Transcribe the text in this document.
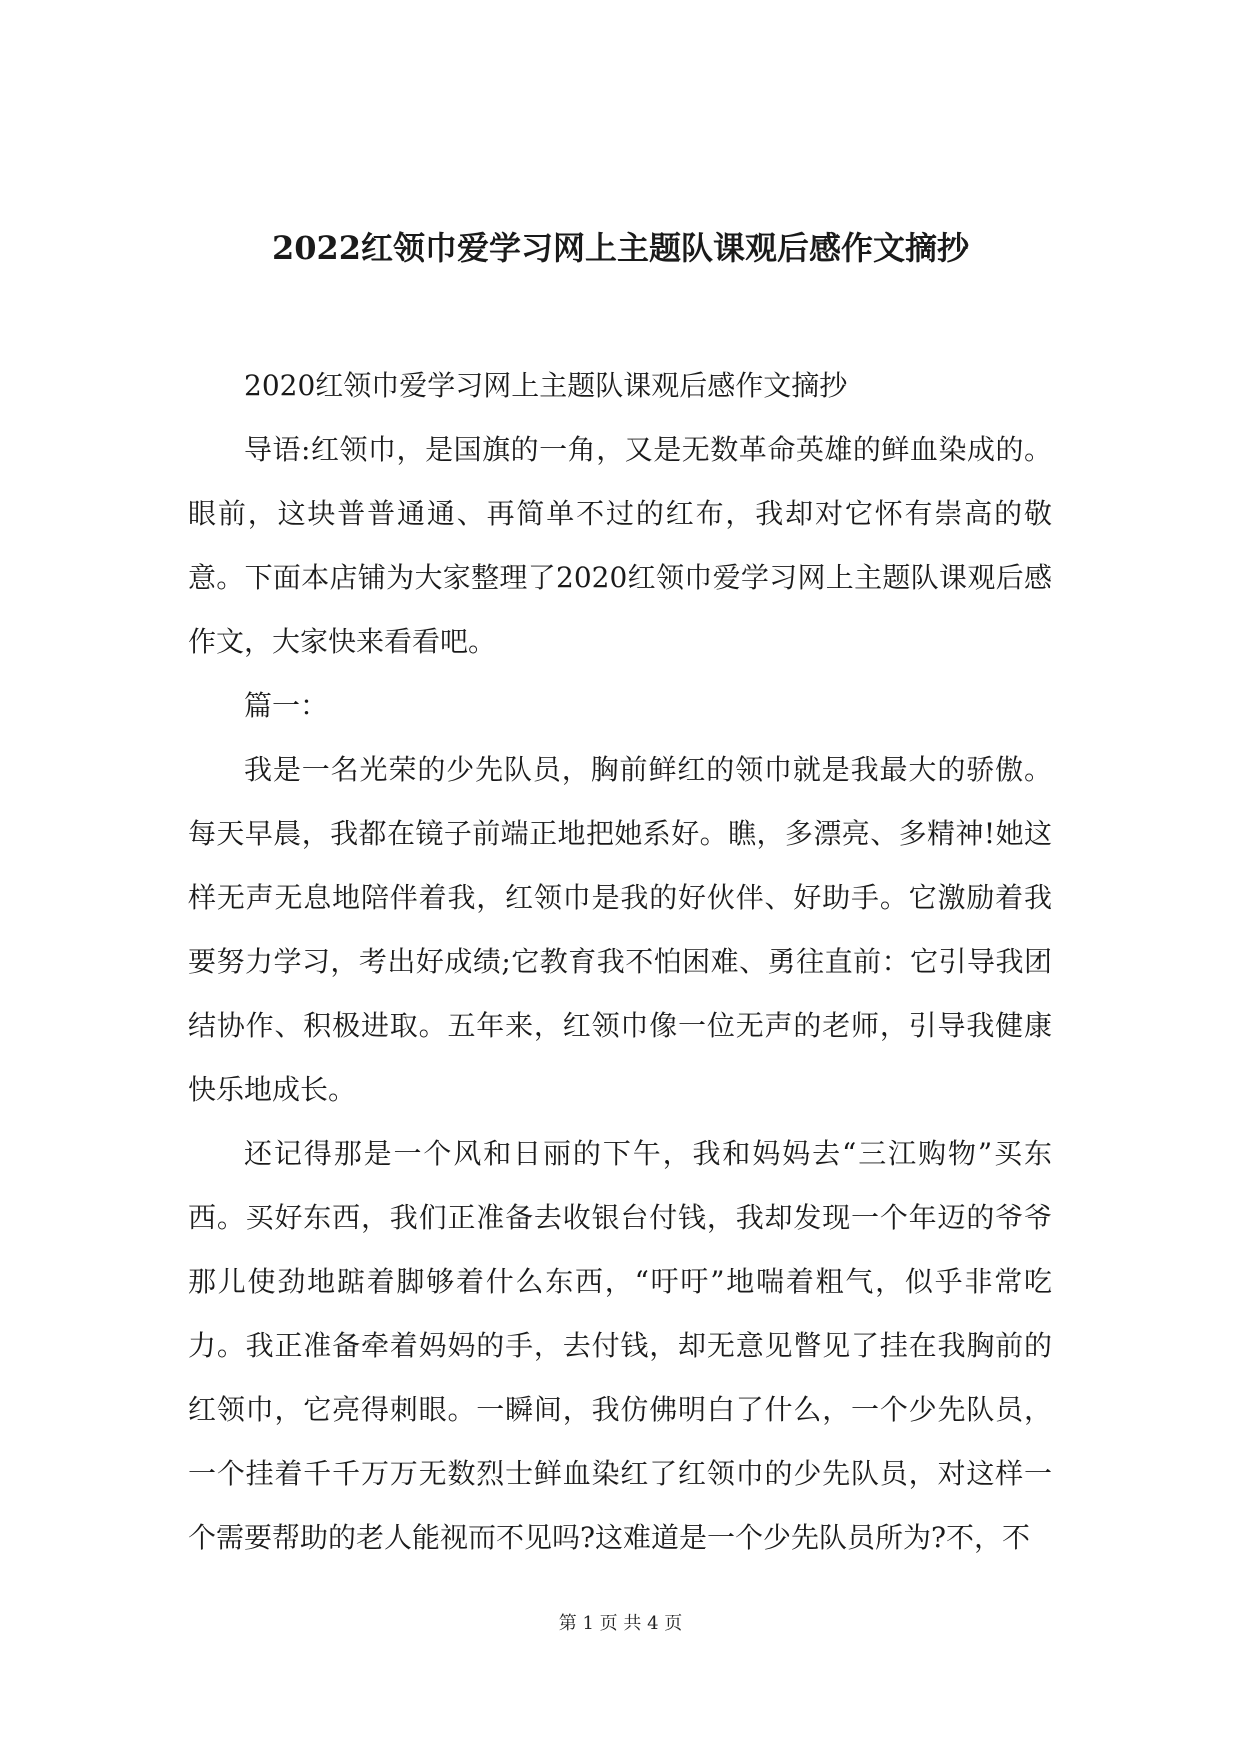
2022红领巾爱学习网上主题队课观后感作文摘抄

2020红领巾爱学习网上主题队课观后感作文摘抄

导语:红领巾，是国旗的一角，又是无数革命英雄的鲜血染成的。眼前，这块普普通通、再简单不过的红布，我却对它怀有崇高的敬意。下面本店铺为大家整理了2020红领巾爱学习网上主题队课观后感作文，大家快来看看吧。

篇一：

我是一名光荣的少先队员，胸前鲜红的领巾就是我最大的骄傲。每天早晨，我都在镜子前端正地把她系好。瞧，多漂亮、多精神!她这样无声无息地陪伴着我，红领巾是我的好伙伴、好助手。它激励着我要努力学习，考出好成绩;它教育我不怕困难、勇往直前：它引导我团结协作、积极进取。五年来，红领巾像一位无声的老师，引导我健康快乐地成长。

还记得那是一个风和日丽的下午，我和妈妈去“三江购物”买东西。买好东西，我们正准备去收银台付钱，我却发现一个年迈的爷爷那儿使劲地踮着脚够着什么东西，“吁吁”地喘着粗气，似乎非常吃力。我正准备牵着妈妈的手，去付钱，却无意见瞥见了挂在我胸前的红领巾，它亮得刺眼。一瞬间，我仿佛明白了什么，一个少先队员，一个挂着千千万万无数烈士鲜血染红了红领巾的少先队员，对这样一个需要帮助的老人能视而不见吗?这难道是一个少先队员所为?不，不

第 1 页 共 4 页
